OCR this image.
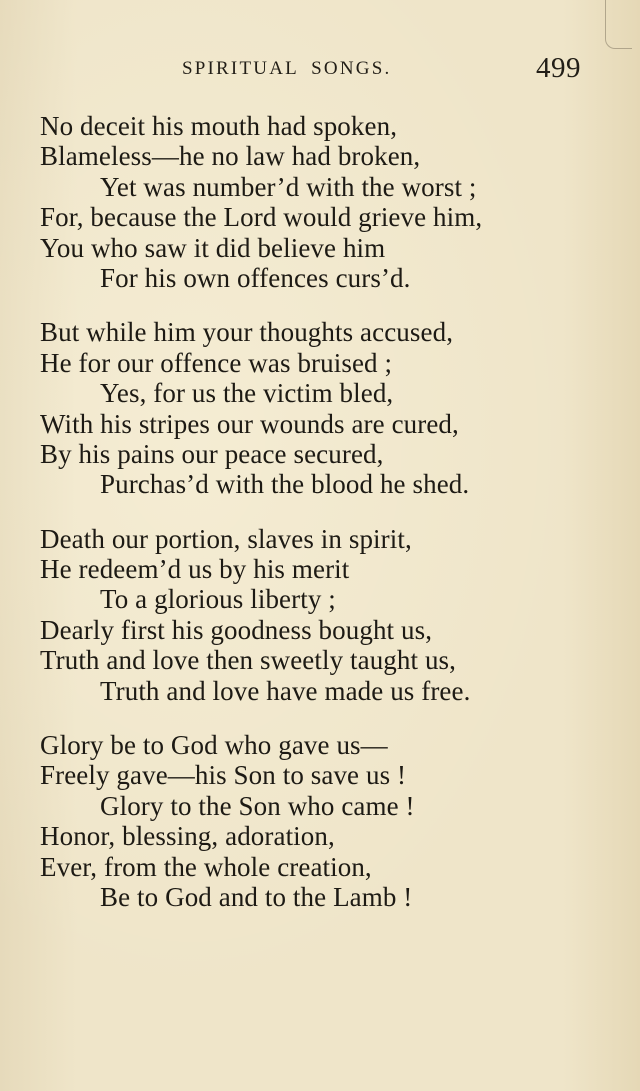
SPIRITUAL SONGS.	499
No deceit his mouth had spoken,
Blameless—he no law had broken,
Yet was number’d with the worst ;
For, because the Lord would grieve him,
You who saw it did believe him
For his own offences curs’d.
But while him your thoughts accused,
He for our offence was bruised ;
Yes, for us the victim bled,
With his stripes our wounds are cured,
By his pains our peace secured,
Purchas’d with the blood he shed.
Death our portion, slaves in spirit,
He redeem’d us by his merit
To a glorious liberty ;
Dearly first his goodness bought us,
Truth and love then sweetly taught us,
Truth and love have made us free.
Glory be to God who gave us—
Freely gave—his Son to save us !
Glory to the Son who came !
Honor, blessing, adoration,
Ever, from the whole creation,
Be to God and to the Lamb !
